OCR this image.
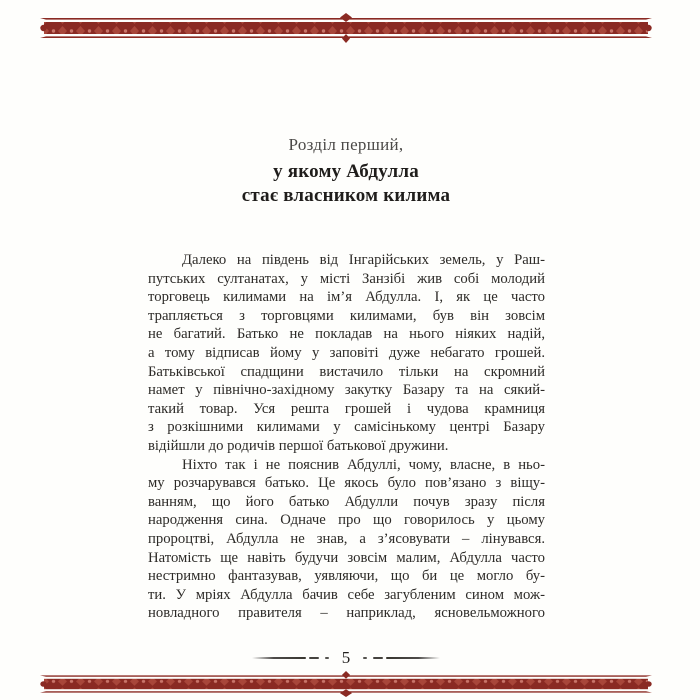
Розділ перший,
у якому Абдулла
стає власником килима
Далеко на південь від Інгарійських земель, у Раш-
путських султанатах, у місті Занзібі жив собі молодий
торговець килимами на ім’я Абдулла. І, як це часто
трапляється з торговцями килимами, був він зовсім
не багатий. Батько не покладав на нього ніяких надій,
а тому відписав йому у заповіті дуже небагато грошей.
Батьківської спадщини вистачило тільки на скромний
намет у північно-західному закутку Базару та на сякий-
такий товар. Уся решта грошей і чудова крамниця
з розкішними килимами у самісінькому центрі Базару
відійшли до родичів першої батькової дружини.
Ніхто так і не пояснив Абдуллі, чому, власне, в ньо-
му розчарувався батько. Це якось було пов’язано з віщу-
ванням, що його батько Абдулли почув зразу після
народження сина. Одначе про що говорилось у цьому
пророцтві, Абдулла не знав, а з’ясовувати – лінувався.
Натомість ще навіть будучи зовсім малим, Абдулла часто
нестримно фантазував, уявляючи, що би це могло бу-
ти. У мріях Абдулла бачив себе загубленим сином мож-
новладного правителя – наприклад, ясновельможного
5
